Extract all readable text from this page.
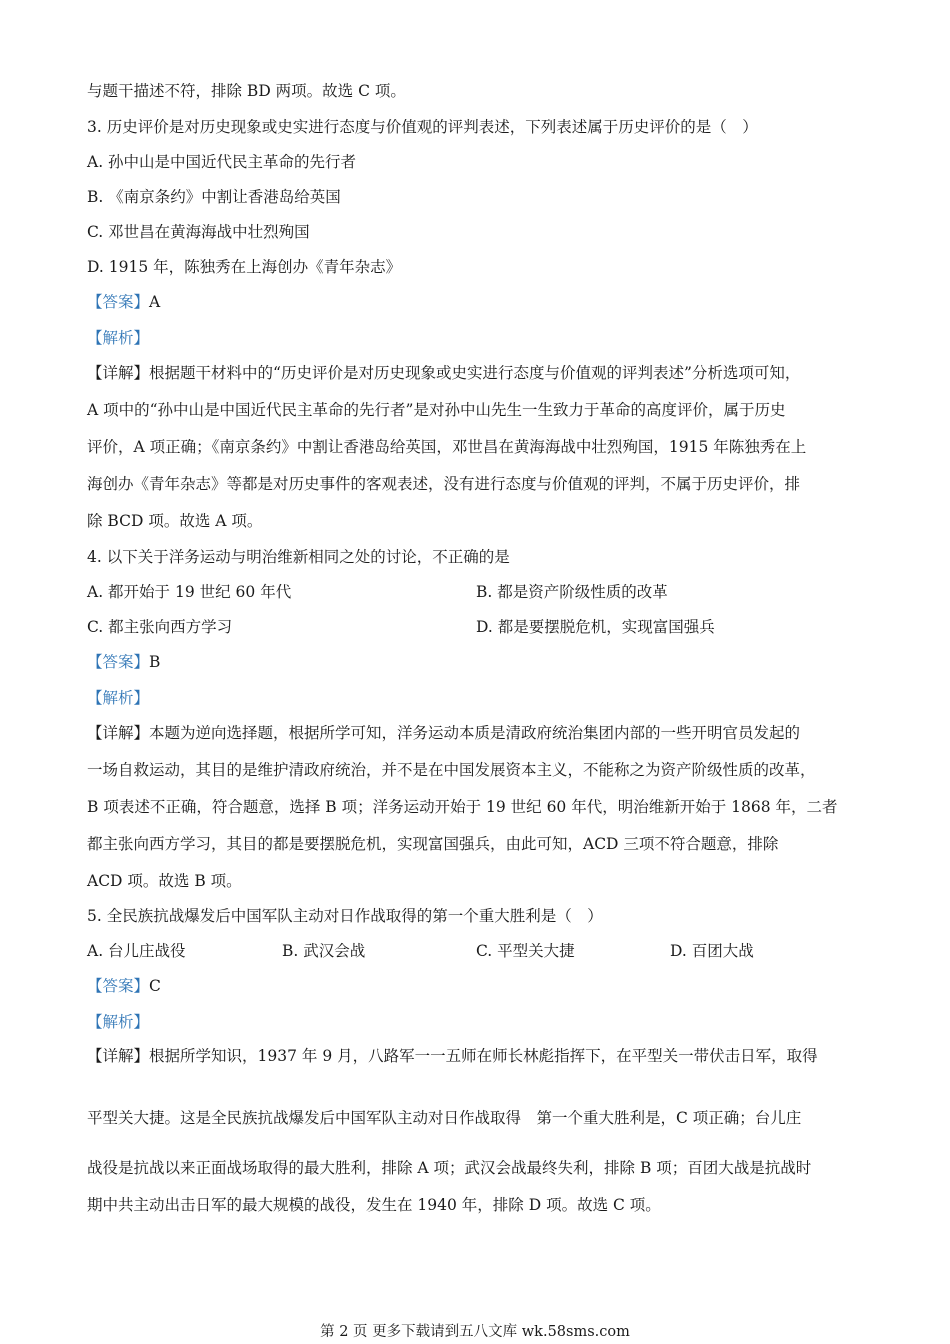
与题干描述不符，排除 BD 两项。故选 C 项。
3. 历史评价是对历史现象或史实进行态度与价值观的评判表述，下列表述属于历史评价的是（　）
A. 孙中山是中国近代民主革命的先行者
B. 《南京条约》中割让香港岛给英国
C. 邓世昌在黄海海战中壮烈殉国
D. 1915 年，陈独秀在上海创办《青年杂志》
【答案】A
【解析】
【详解】根据题干材料中的“历史评价是对历史现象或史实进行态度与价值观的评判表述”分析选项可知，
A 项中的“孙中山是中国近代民主革命的先行者”是对孙中山先生一生致力于革命的高度评价，属于历史
评价，A 项正确；《南京条约》中割让香港岛给英国，邓世昌在黄海海战中壮烈殉国，1915 年陈独秀在上
海创办《青年杂志》等都是对历史事件的客观表述，没有进行态度与价值观的评判，不属于历史评价，排
除 BCD 项。故选 A 项。
4. 以下关于洋务运动与明治维新相同之处的讨论，不正确的是
A. 都开始于 19 世纪 60 年代	B. 都是资产阶级性质的改革
C. 都主张向西方学习	D. 都是要摆脱危机，实现富国强兵
【答案】B
【解析】
【详解】本题为逆向选择题，根据所学可知，洋务运动本质是清政府统治集团内部的一些开明官员发起的
一场自救运动，其目的是维护清政府统治，并不是在中国发展资本主义，不能称之为资产阶级性质的改革，
B 项表述不正确，符合题意，选择 B 项；洋务运动开始于 19 世纪 60 年代，明治维新开始于 1868 年，二者
都主张向西方学习，其目的都是要摆脱危机，实现富国强兵，由此可知，ACD 三项不符合题意，排除
ACD 项。故选 B 项。
5. 全民族抗战爆发后中国军队主动对日作战取得的第一个重大胜利是（　）
A. 台儿庄战役	B. 武汉会战	C. 平型关大捷	D. 百团大战
【答案】C
【解析】
【详解】根据所学知识，1937 年 9 月，八路军一一五师在师长林彪指挥下，在平型关一带伏击日军，取得
平型关大捷。这是全民族抗战爆发后中国军队主动对日作战取得　第一个重大胜利是，C 项正确；台儿庄
战役是抗战以来正面战场取得的最大胜利，排除 A 项；武汉会战最终失利，排除 B 项；百团大战是抗战时
期中共主动出击日军的最大规模的战役，发生在 1940 年，排除 D 项。故选 C 项。
第 2 页 更多下载请到五八文库 wk.58sms.com
